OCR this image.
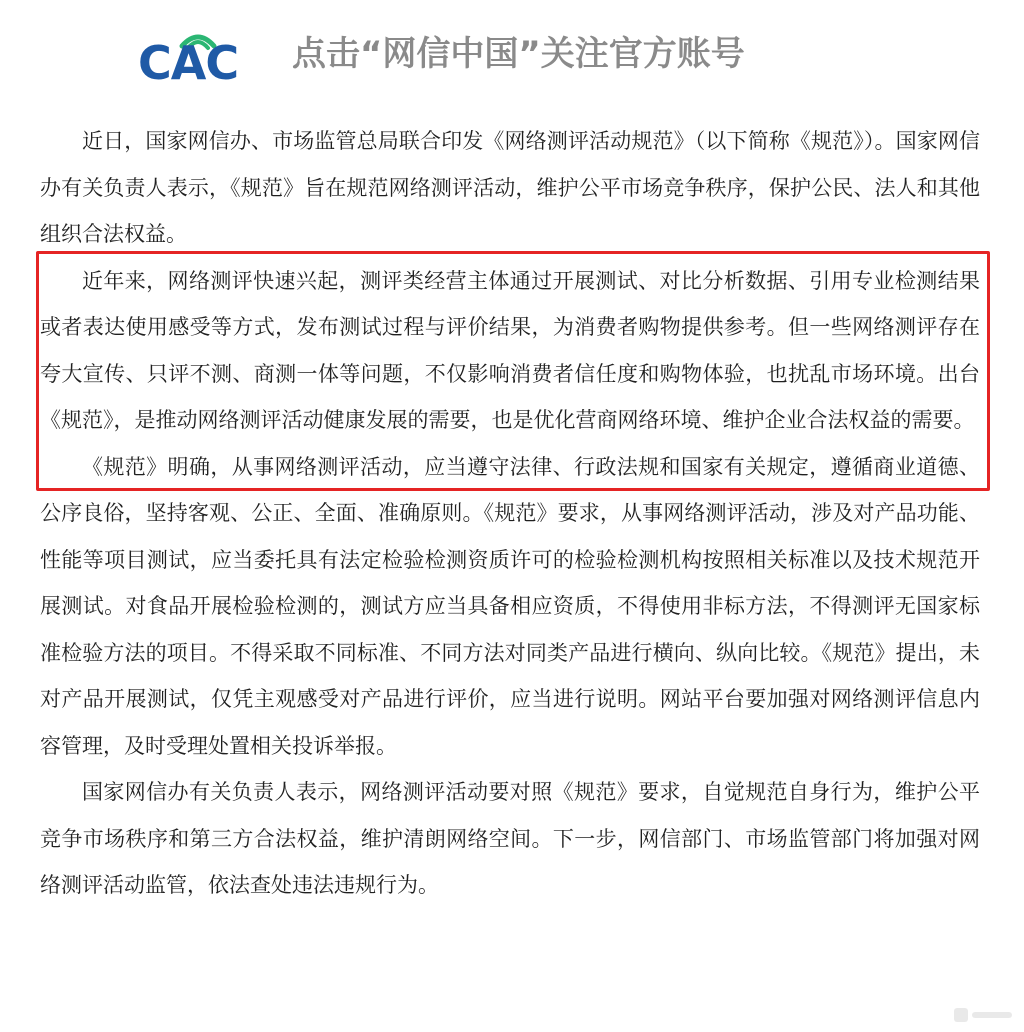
CAC 点击“网信中国”关注官方账号

近日，国家网信办、市场监管总局联合印发《网络测评活动规范》（以下简称《规范》）。国家网信办有关负责人表示，《规范》旨在规范网络测评活动，维护公平市场竞争秩序，保护公民、法人和其他组织合法权益。

近年来，网络测评快速兴起，测评类经营主体通过开展测试、对比分析数据、引用专业检测结果或者表达使用感受等方式，发布测试过程与评价结果，为消费者购物提供参考。但一些网络测评存在夸大宣传、只评不测、商测一体等问题，不仅影响消费者信任度和购物体验，也扰乱市场环境。出台《规范》，是推动网络测评活动健康发展的需要，也是优化营商网络环境、维护企业合法权益的需要。

《规范》明确，从事网络测评活动，应当遵守法律、行政法规和国家有关规定，遵循商业道德、公序良俗，坚持客观、公正、全面、准确原则。《规范》要求，从事网络测评活动，涉及对产品功能、性能等项目测试，应当委托具有法定检验检测资质许可的检验检测机构按照相关标准以及技术规范开展测试。对食品开展检验检测的，测试方应当具备相应资质，不得使用非标方法，不得测评无国家标准检验方法的项目。不得采取不同标准、不同方法对同类产品进行横向、纵向比较。《规范》提出，未对产品开展测试，仅凭主观感受对产品进行评价，应当进行说明。网站平台要加强对网络测评信息内容管理，及时受理处置相关投诉举报。

国家网信办有关负责人表示，网络测评活动要对照《规范》要求，自觉规范自身行为，维护公平竞争市场秩序和第三方合法权益，维护清朗网络空间。下一步，网信部门、市场监管部门将加强对网络测评活动监管，依法查处违法违规行为。
